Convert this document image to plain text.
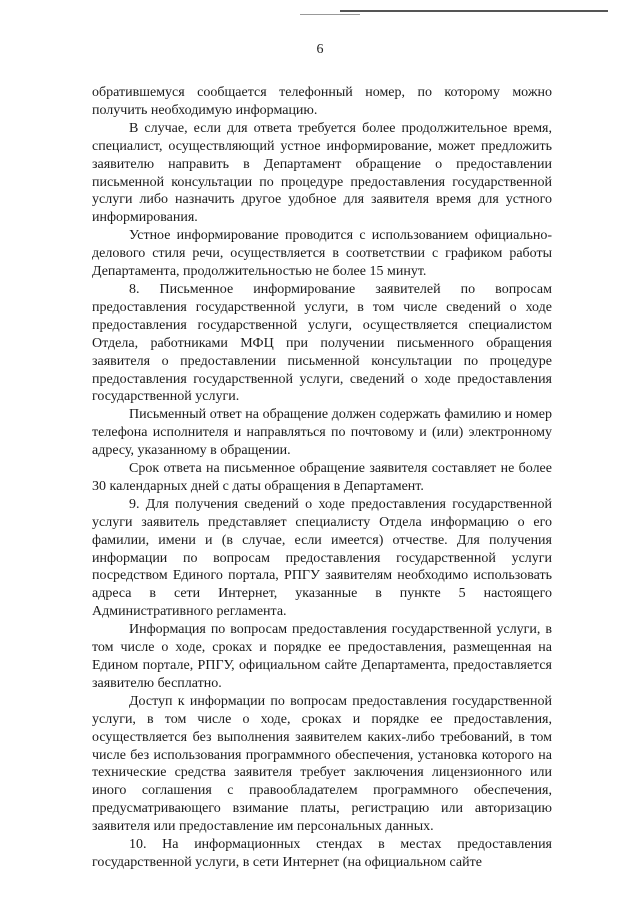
6

обратившемуся сообщается телефонный номер, по которому можно получить необходимую информацию.

В случае, если для ответа требуется более продолжительное время, специалист, осуществляющий устное информирование, может предложить заявителю направить в Департамент обращение о предоставлении письменной консультации по процедуре предоставления государственной услуги либо назначить другое удобное для заявителя время для устного информирования.

Устное информирование проводится с использованием официально-делового стиля речи, осуществляется в соответствии с графиком работы Департамента, продолжительностью не более 15 минут.

8. Письменное информирование заявителей по вопросам предоставления государственной услуги, в том числе сведений о ходе предоставления государственной услуги, осуществляется специалистом Отдела, работниками МФЦ при получении письменного обращения заявителя о предоставлении письменной консультации по процедуре предоставления государственной услуги, сведений о ходе предоставления государственной услуги.

Письменный ответ на обращение должен содержать фамилию и номер телефона исполнителя и направляться по почтовому и (или) электронному адресу, указанному в обращении.

Срок ответа на письменное обращение заявителя составляет не более 30 календарных дней с даты обращения в Департамент.

9. Для получения сведений о ходе предоставления государственной услуги заявитель представляет специалисту Отдела информацию о его фамилии, имени и (в случае, если имеется) отчестве. Для получения информации по вопросам предоставления государственной услуги посредством Единого портала, РПГУ заявителям необходимо использовать адреса в сети Интернет, указанные в пункте 5 настоящего Административного регламента.

Информация по вопросам предоставления государственной услуги, в том числе о ходе, сроках и порядке ее предоставления, размещенная на Едином портале, РПГУ, официальном сайте Департамента, предоставляется заявителю бесплатно.

Доступ к информации по вопросам предоставления государственной услуги, в том числе о ходе, сроках и порядке ее предоставления, осуществляется без выполнения заявителем каких-либо требований, в том числе без использования программного обеспечения, установка которого на технические средства заявителя требует заключения лицензионного или иного соглашения с правообладателем программного обеспечения, предусматривающего взимание платы, регистрацию или авторизацию заявителя или предоставление им персональных данных.

10. На информационных стендах в местах предоставления государственной услуги, в сети Интернет (на официальном сайте
